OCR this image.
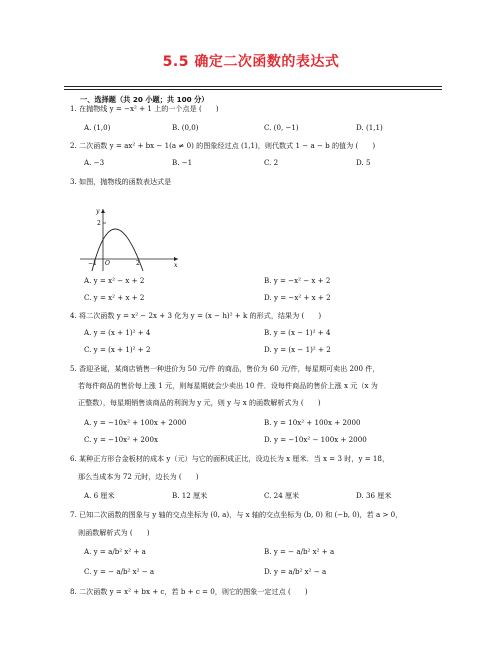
5.5 确定二次函数的表达式
一、选择题（共 20 小题；共 100 分）
1. 在抛物线 y = −x² + 1 上的一个点是 (　　)
A. (1,0)	B. (0,0)	C. (0, −1)	D. (1,1)
2. 二次函数 y = ax² + bx − 1(a ≠ 0) 的图象经过点 (1,1)，则代数式 1 − a − b 的值为 (　　)
A. −3	B. −1	C. 2	D. 5
3. 如图，抛物线的函数表达式是
y
x
2
−1 O	2
A. y = x² − x + 2	B. y = −x² − x + 2
C. y = x² + x + 2	D. y = −x² + x + 2
4. 将二次函数 y = x² − 2x + 3 化为 y = (x − h)² + k 的形式，结果为 (　　)
A. y = (x + 1)² + 4	B. y = (x − 1)² + 4
C. y = (x + 1)² + 2	D. y = (x − 1)² + 2
5. 香迎圣诞，某商店销售一种进价为 50 元/件 的商品，售价为 60 元/件，每星期可卖出 200 件，
若每件商品的售价每上涨 1 元，则每星期就会少卖出 10 件．设每件商品的售价上涨 x 元（x 为
正整数），每星期销售该商品的利润为 y 元，则 y 与 x 的函数解析式为 (　　)
A. y = −10x² + 100x + 2000	B. y = 10x² + 100x + 2000
C. y = −10x² + 200x	D. y = −10x² − 100x + 2000
6. 某种正方形合金板材的成本 y（元）与它的面积成正比，设边长为 x 厘米．当 x = 3 时，y = 18，
那么当成本为 72 元时，边长为 (　　)
A. 6 厘米	B. 12 厘米	C. 24 厘米	D. 36 厘米
7. 已知二次函数的图象与 y 轴的交点坐标为 (0, a)，与 x 轴的交点坐标为 (b, 0) 和 (−b, 0)，若 a > 0，
则函数解析式为 (　　)
A. y = a/b² x² + a	B. y = − a/b² x² + a
C. y = − a/b² x² − a	D. y = a/b² x² − a
8. 二次函数 y = x² + bx + c，若 b + c = 0，则它的图象一定过点 (　　)
